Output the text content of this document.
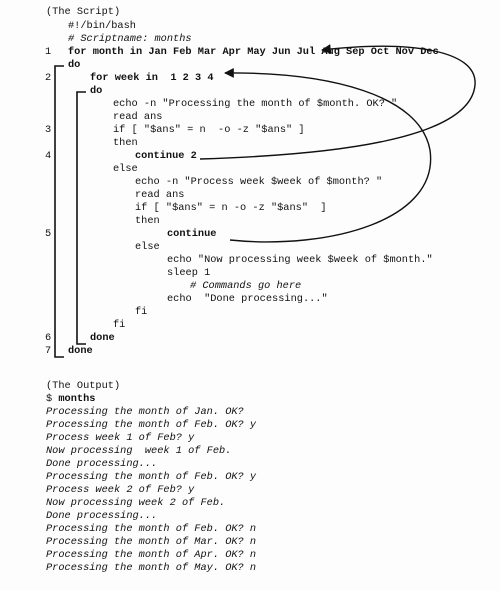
(The Script)
#!/bin/bash
# Scriptname: months
for month in Jan Feb Mar Apr May Jun Jul Aug Sep Oct Nov Dec
1
do
for week in  1 2 3 4
2
do
echo -n "Processing the month of $month. OK? "
read ans
if [ "$ans" = n  -o -z "$ans" ]
3
then
continue 2
4
else
echo -n "Process week $week of $month? "
read ans
if [ "$ans" = n -o -z "$ans"  ]
then
continue
5
else
echo "Now processing week $week of $month."
sleep 1
# Commands go here
echo  "Done processing..."
fi
fi
done
6
done
7
(The Output)
$ months
Processing the month of Jan. OK?
Processing the month of Feb. OK? y
Process week 1 of Feb? y
Now processing  week 1 of Feb.
Done processing...
Processing the month of Feb. OK? y
Process week 2 of Feb? y
Now processing week 2 of Feb.
Done processing...
Processing the month of Feb. OK? n
Processing the month of Mar. OK? n
Processing the month of Apr. OK? n
Processing the month of May. OK? n
